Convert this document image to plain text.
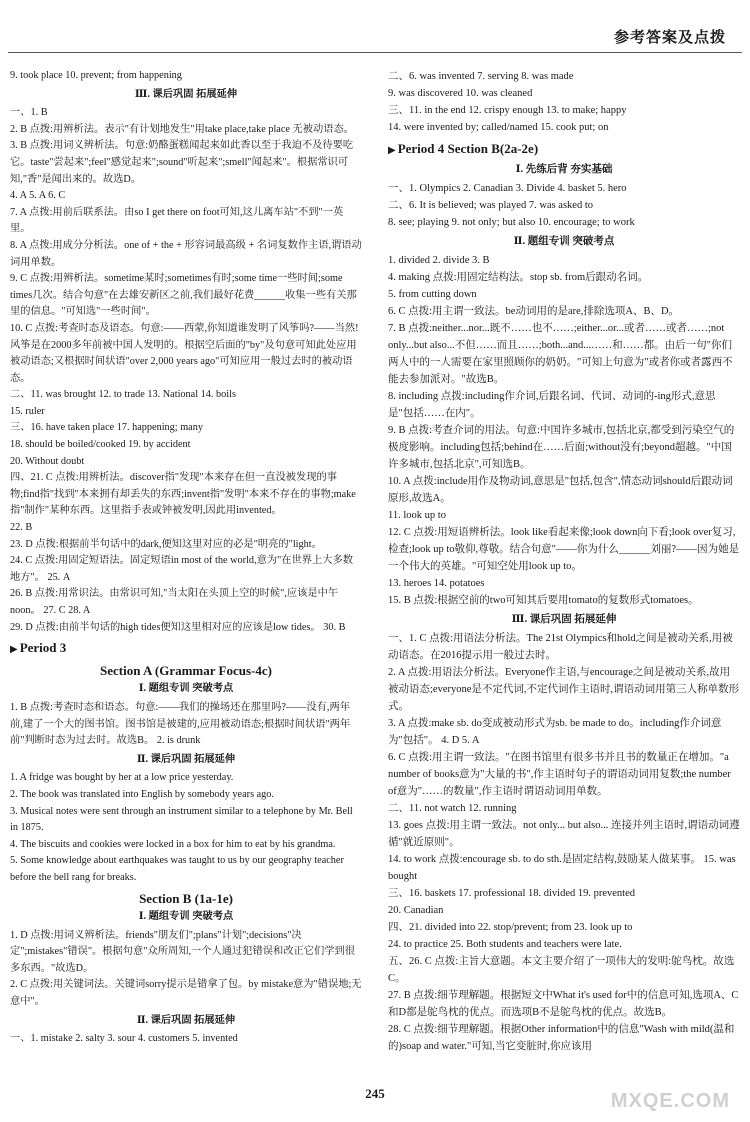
参考答案及点拨

9. took place 10. prevent; from happening

Ⅲ. 课后巩固 拓展延伸

一、1. B

2. B 点拨:用辨析法。表示"有计划地发生"用take place,take place 无被动语态。

3. B 点拨:用词义辨析法。句意:奶酪蛋糕闻起来如此香以至于我迫不及待要吃它。taste"尝起来";feel"感觉起来";sound"听起来";smell"闻起来"。根据常识可知,"香"是闻出来的。故选D。

4. A 5. A 6. C

7. A 点拨:用前后联系法。由so I get there on foot可知,这儿离车站"不到"一英里。

8. A 点拨:用成分分析法。one of + the + 形容词最高级 + 名词复数作主语,谓语动词用单数。

9. C 点拨:用辨析法。sometime某时;sometimes有时;some time一些时间;some times几次。结合句意"在去雄安新区之前,我们最好花费______收集一些有关那里的信息。"可知选"一些时间"。

10. C 点拨:考查时态及语态。句意:——西蒙,你知道谁发明了风筝吗?——当然!风筝是在2000多年前被中国人发明的。根据空后面的"by"及句意可知此处应用被动语态;又根据时间状语"over 2,000 years ago"可知应用一般过去时的被动语态。

二、11. was brought 12. to trade 13. National 14. boils

15. ruler

三、16. have taken place 17. happening; many

18. should be boiled/cooked 19. by accident

20. Without doubt

四、21. C 点拨:用辨析法。discover指"发现"本来存在但一直没被发现的事物;find指"找到"本来拥有却丢失的东西;invent指"发明"本来不存在的事物;make指"制作"某种东西。这里指手表或钟被发明,因此用invented。

22. B

23. D 点拨:根据前半句话中的dark,便知这里对应的必是"明亮的"light。

24. C 点拨:用固定短语法。固定短语in most of the world,意为"在世界上大多数地方"。 25. A

26. B 点拨:用常识法。由常识可知,"当太阳在头顶上空的时候",应该是中午noon。 27. C 28. A

29. D 点拨:由前半句话的high tides便知这里相对应的应该是low tides。 30. B

▶ Period 3

Section A (Grammar Focus-4c)

Ⅰ. 题组专训 突破考点

1. B 点拨:考查时态和语态。句意:——我们的操场还在那里吗?——没有,两年前,建了一个大的图书馆。图书馆是被建的,应用被动语态;根据时间状语"两年前"判断时态为过去时。故选B。 2. is drunk

Ⅱ. 课后巩固 拓展延伸

1. A fridge was bought by her at a low price yesterday.

2. The book was translated into English by somebody years ago.

3. Musical notes were sent through an instrument similar to a telephone by Mr. Bell in 1875.

4. The biscuits and cookies were locked in a box for him to eat by his grandma.

5. Some knowledge about earthquakes was taught to us by our geography teacher before the bell rang for breaks.

Section B (1a-1e)

Ⅰ. 题组专训 突破考点

1. D 点拨:用词义辨析法。friends"朋友们";plans"计划";decisions"决定";mistakes"错误"。根据句意"众所周知,一个人通过犯错误和改正它们学到很多东西。"故选D。

2. C 点拨:用关键词法。关键词sorry提示是错拿了包。by mistake意为"错误地;无意中"。

Ⅱ. 课后巩固 拓展延伸

一、1. mistake 2. salty 3. sour 4. customers 5. invented

二、6. was invented 7. serving 8. was made

9. was discovered 10. was cleaned

三、11. in the end 12. crispy enough 13. to make; happy

14. were invented by; called/named 15. cook put; on

▶ Period 4 Section B(2a-2e)

Ⅰ. 先练后背 夯实基础

一、1. Olympics 2. Canadian 3. Divide 4. basket 5. hero

二、6. It is believed; was played 7. was asked to

8. see; playing 9. not only; but also 10. encourage; to work

Ⅱ. 题组专训 突破考点

1. divided 2. divide 3. B

4. making 点拨:用固定结构法。stop sb. from后跟动名词。

5. from cutting down

6. C 点拨:用主谓一致法。be动词用的是are,排除选项A、B、D。

7. B 点拨:neither...nor...既不……也不……;either...or...或者……或者……;not only...but also...不但……而且……;both...and...……和……都。由后一句"你们两人中的一人需要在家里照顾你的奶奶。"可知上句意为"或者你或者露西不能去参加派对。"故选B。

8. including 点拨:including作介词,后跟名词、代词、动词的-ing形式,意思是"包括……在内"。

9. B 点拨:考查介词的用法。句意:中国许多城市,包括北京,都受到污染空气的极度影响。including包括;behind在……后面;without没有;beyond超越。"中国许多城市,包括北京",可知选B。

10. A 点拨:include用作及物动词,意思是"包括,包含",情态动词should后跟动词原形,故选A。

11. look up to

12. C 点拨:用短语辨析法。look like看起来像;look down向下看;look over复习,检查;look up to敬仰,尊敬。结合句意"——你为什么______刘丽?——因为她是一个伟大的英雄。"可知空处用look up to。

13. heroes 14. potatoes

15. B 点拨:根据空前的two可知其后要用tomato的复数形式tomatoes。

Ⅲ. 课后巩固 拓展延伸

一、1. C 点拨:用语法分析法。The 21st Olympics和hold之间是被动关系,用被动语态。在2016提示用一般过去时。

2. A 点拨:用语法分析法。Everyone作主语,与encourage之间是被动关系,故用被动语态;everyone是不定代词,不定代词作主语时,谓语动词用第三人称单数形式。

3. A 点拨:make sb. do变成被动形式为sb. be made to do。including作介词意为"包括"。 4. D 5. A

6. C 点拨:用主谓一致法。"在图书馆里有很多书并且书的数量正在增加。"a number of books意为"大量的书",作主语时句子的谓语动词用复数;the number of意为"……的数量",作主语时谓语动词用单数。

二、11. not watch 12. running

13. goes 点拨:用主谓一致法。not only... but also... 连接并列主语时,谓语动词遵循"就近原则"。

14. to work 点拨:encourage sb. to do sth.是固定结构,鼓励某人做某事。 15. was bought

三、16. baskets 17. professional 18. divided 19. prevented

20. Canadian

四、21. divided into 22. stop/prevent; from 23. look up to

24. to practice 25. Both students and teachers were late.

五、26. C 点拨:主旨大意题。本文主要介绍了一项伟大的发明:鸵鸟枕。故选C。

27. B 点拨:细节理解题。根据短文中What it's used for中的信息可知,选项A、C和D都是鸵鸟枕的优点。而选项B不是鸵鸟枕的优点。故选B。

28. C 点拨:细节理解题。根据Other information中的信息"Wash with mild(温和的)soap and water."可知,当它变脏时,你应该用

245	MXQE.COM
